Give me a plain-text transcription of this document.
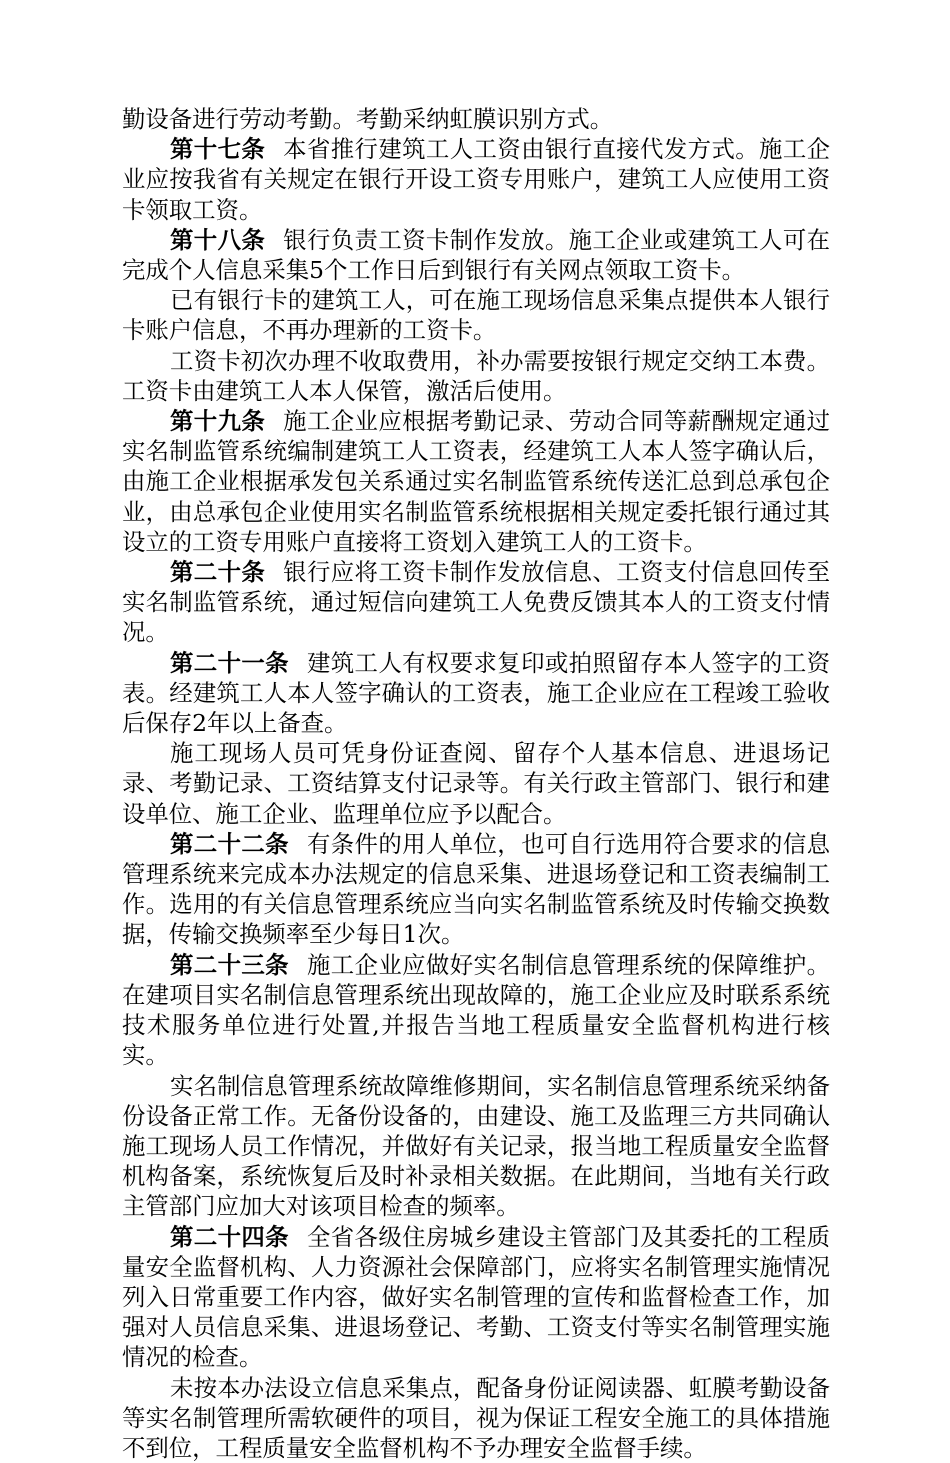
勤设备进行劳动考勤。考勤采纳虹膜识别方式。

第十七条 本省推行建筑工人工资由银行直接代发方式。施工企业应按我省有关规定在银行开设工资专用账户，建筑工人应使用工资卡领取工资。

第十八条 银行负责工资卡制作发放。施工企业或建筑工人可在完成个人信息采集5个工作日后到银行有关网点领取工资卡。

已有银行卡的建筑工人，可在施工现场信息采集点提供本人银行卡账户信息，不再办理新的工资卡。

工资卡初次办理不收取费用，补办需要按银行规定交纳工本费。工资卡由建筑工人本人保管，激活后使用。

第十九条 施工企业应根据考勤记录、劳动合同等薪酬规定通过实名制监管系统编制建筑工人工资表，经建筑工人本人签字确认后，由施工企业根据承发包关系通过实名制监管系统传送汇总到总承包企业，由总承包企业使用实名制监管系统根据相关规定委托银行通过其设立的工资专用账户直接将工资划入建筑工人的工资卡。

第二十条 银行应将工资卡制作发放信息、工资支付信息回传至实名制监管系统，通过短信向建筑工人免费反馈其本人的工资支付情况。

第二十一条 建筑工人有权要求复印或拍照留存本人签字的工资表。经建筑工人本人签字确认的工资表，施工企业应在工程竣工验收后保存2年以上备查。

施工现场人员可凭身份证查阅、留存个人基本信息、进退场记录、考勤记录、工资结算支付记录等。有关行政主管部门、银行和建设单位、施工企业、监理单位应予以配合。

第二十二条 有条件的用人单位，也可自行选用符合要求的信息管理系统来完成本办法规定的信息采集、进退场登记和工资表编制工作。选用的有关信息管理系统应当向实名制监管系统及时传输交换数据，传输交换频率至少每日1次。

第二十三条 施工企业应做好实名制信息管理系统的保障维护。在建项目实名制信息管理系统出现故障的，施工企业应及时联系系统技术服务单位进行处置,并报告当地工程质量安全监督机构进行核实。

实名制信息管理系统故障维修期间，实名制信息管理系统采纳备份设备正常工作。无备份设备的，由建设、施工及监理三方共同确认施工现场人员工作情况，并做好有关记录，报当地工程质量安全监督机构备案，系统恢复后及时补录相关数据。在此期间，当地有关行政主管部门应加大对该项目检查的频率。

第二十四条 全省各级住房城乡建设主管部门及其委托的工程质量安全监督机构、人力资源社会保障部门，应将实名制管理实施情况列入日常重要工作内容，做好实名制管理的宣传和监督检查工作，加强对人员信息采集、进退场登记、考勤、工资支付等实名制管理实施情况的检查。

未按本办法设立信息采集点，配备身份证阅读器、虹膜考勤设备等实名制管理所需软硬件的项目，视为保证工程安全施工的具体措施不到位，工程质量安全监督机构不予办理安全监督手续。
